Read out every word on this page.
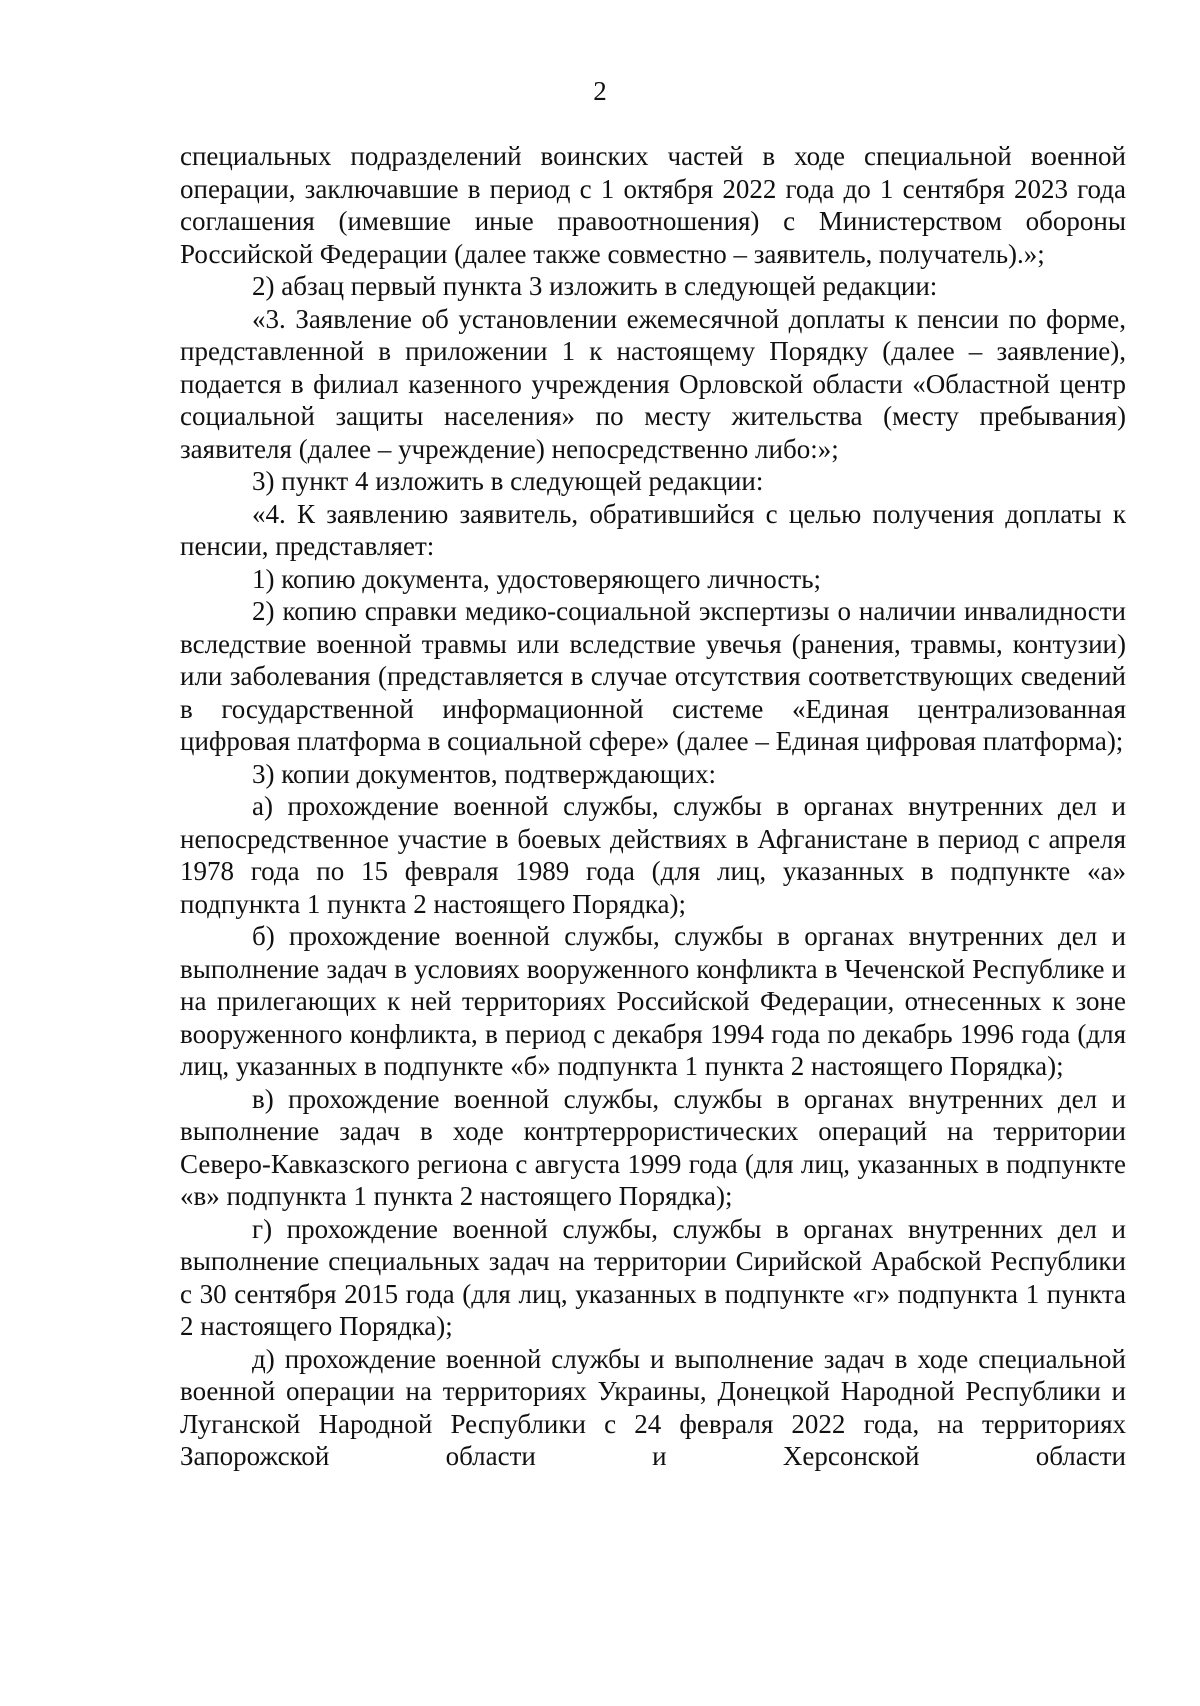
2

специальных подразделений воинских частей в ходе специальной военной операции, заключавшие в период с 1 октября 2022 года до 1 сентября 2023 года соглашения (имевшие иные правоотношения) с Министерством обороны Российской Федерации (далее также совместно – заявитель, получатель).»;

2) абзац первый пункта 3 изложить в следующей редакции:

«3. Заявление об установлении ежемесячной доплаты к пенсии по форме, представленной в приложении 1 к настоящему Порядку (далее – заявление), подается в филиал казенного учреждения Орловской области «Областной центр социальной защиты населения» по месту жительства (месту пребывания) заявителя (далее – учреждение) непосредственно либо:»;

3) пункт 4 изложить в следующей редакции:

«4. К заявлению заявитель, обратившийся с целью получения доплаты к пенсии, представляет:

1) копию документа, удостоверяющего личность;

2) копию справки медико-социальной экспертизы о наличии инвалидности вследствие военной травмы или вследствие увечья (ранения, травмы, контузии) или заболевания (представляется в случае отсутствия соответствующих сведений в государственной информационной системе «Единая централизованная цифровая платформа в социальной сфере» (далее – Единая цифровая платформа);

3) копии документов, подтверждающих:

а) прохождение военной службы, службы в органах внутренних дел и непосредственное участие в боевых действиях в Афганистане в период с апреля 1978 года по 15 февраля 1989 года (для лиц, указанных в подпункте «а» подпункта 1 пункта 2 настоящего Порядка);

б) прохождение военной службы, службы в органах внутренних дел и выполнение задач в условиях вооруженного конфликта в Чеченской Республике и на прилегающих к ней территориях Российской Федерации, отнесенных к зоне вооруженного конфликта, в период с декабря 1994 года по декабрь 1996 года (для лиц, указанных в подпункте «б» подпункта 1 пункта 2 настоящего Порядка);

в) прохождение военной службы, службы в органах внутренних дел и выполнение задач в ходе контртеррористических операций на территории Северо-Кавказского региона с августа 1999 года (для лиц, указанных в подпункте «в» подпункта 1 пункта 2 настоящего Порядка);

г) прохождение военной службы, службы в органах внутренних дел и выполнение специальных задач на территории Сирийской Арабской Республики с 30 сентября 2015 года (для лиц, указанных в подпункте «г» подпункта 1 пункта 2 настоящего Порядка);

д) прохождение военной службы и выполнение задач в ходе специальной военной операции на территориях Украины, Донецкой Народной Республики и Луганской Народной Республики с 24 февраля 2022 года, на территориях Запорожской области и Херсонской области
